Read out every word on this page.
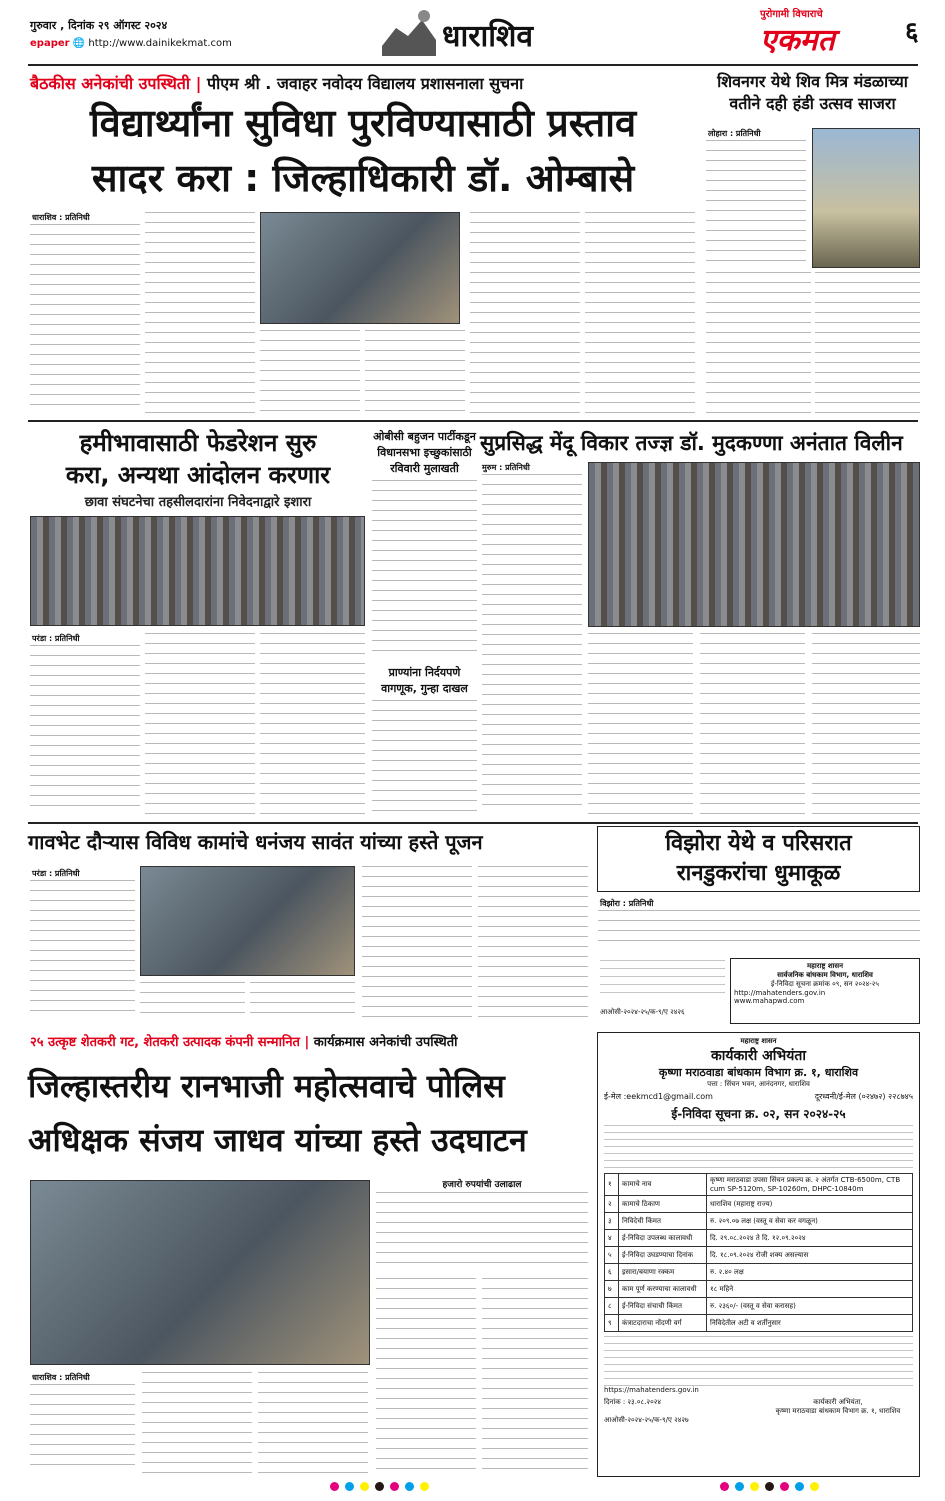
गुरुवार , दिनांक २९ ऑगस्ट २०२४
epaper 🌐 http://www.dainikekmat.com	धाराशिव
पुरोगामी विचाराचे
एकमत	६
बैठकीस अनेकांची उपस्थिती | पीएम श्री . जवाहर नवोदय विद्यालय प्रशासनाला सुचना
विद्यार्थ्यांना सुविधा पुरविण्यासाठी प्रस्ताव
सादर करा : जिल्हाधिकारी डॉ. ओम्बासे
धाराशिव : प्रतिनिधी
शिवनगर येथे शिव मित्र मंडळाच्या
वतीने दही हंडी उत्सव साजरा
लोहारा : प्रतिनिधी
हमीभावासाठी फेडरेशन सुरु
करा, अन्यथा आंदोलन करणार
छावा संघटनेचा तहसीलदारांना निवेदनाद्वारे इशारा
परंडा : प्रतिनिधी
ओबीसी बहुजन पार्टीकडून
विधानसभा इच्छुकांसाठी
रविवारी मुलाखती
प्राण्यांना निर्दयपणे
वागणूक, गुन्हा दाखल
सुप्रसिद्ध मेंदू विकार तज्ज्ञ डॉ. मुदकण्णा अनंतात विलीन
मुरुम : प्रतिनिधी
गावभेट दौऱ्यास विविध कामांचे धनंजय सावंत यांच्या हस्ते पूजन
परंडा : प्रतिनिधी
विझोरा येथे व परिसरात
रानडुकरांचा धुमाकूळ
विझोरा : प्रतिनिधी
महाराष्ट्र शासन
सार्वजनिक बांधकाम विभाग, धाराशिव
ई-निविदा सूचना क्रमांक ०९, सन २०२४-२५
http://mahatenders.gov.in
www.mahapwd.com
आओसी-२०२४-२५/क-९/ए २४२६
२५ उत्कृष्ट शेतकरी गट, शेतकरी उत्पादक कंपनी सन्मानित | कार्यक्रमास अनेकांची उपस्थिती
जिल्हास्तरीय रानभाजी महोत्सवाचे पोलिस
अधिक्षक संजय जाधव यांच्या हस्ते उदघाटन
हजारो रुपयांची उलाढाल
धाराशिव : प्रतिनिधी
महाराष्ट्र शासन
कार्यकारी अभियंता
कृष्णा मराठवाडा बांधकाम विभाग क्र. १, धाराशिव
पत्ता : सिंचन भवन, आनंदनगर, धाराशिव
ई-मेल :eekmcd1@gmail.com	दूरध्वनी/ई-मेल (०२४७२) २२८७४५
ई-निविदा सूचना क्र. ०२, सन २०२४-२५
१	कामाचे नाव	कृष्णा मराठवाडा उपसा सिंचन प्रकल्प क्र. २ अंतर्गत CTB-6500m, CTB cum SP-5120m, SP-10260m, DHPC-10840m
२	कामाचे ठिकाण	धाराशिव (महाराष्ट्र राज्य)
३	निविदेची किंमत	रु. २०९.०७ लक्ष (वस्तू व सेवा कर वगळून)
४	ई-निविदा उपलब्ध कालावधी	दि. २९.०८.२०२४ ते दि. १२.०९.२०२४
५	ई-निविदा उघडण्याचा दिनांक	दि. १८.०९.२०२४ रोजी शक्य असल्यास
६	इसारा/बयाणा रक्कम	रु. २.४० लक्ष
७	काम पूर्ण करण्याचा कालावधी	१८ महिने
८	ई-निविदा संचाची किंमत	रु. २३६०/- (वस्तू व सेवा करासह)
९	कंत्राटदाराचा नोंदणी वर्ग	निविदेतील अटी व शर्तीनुसार
https://mahatenders.gov.in
दिनांक : २३.०८.२०२४	कार्यकारी अभियंता,
कृष्णा मराठवाडा बांधकाम विभाग क्र. १, धाराशिव
आओसी-२०२४-२५/क-९/ए २४२७
